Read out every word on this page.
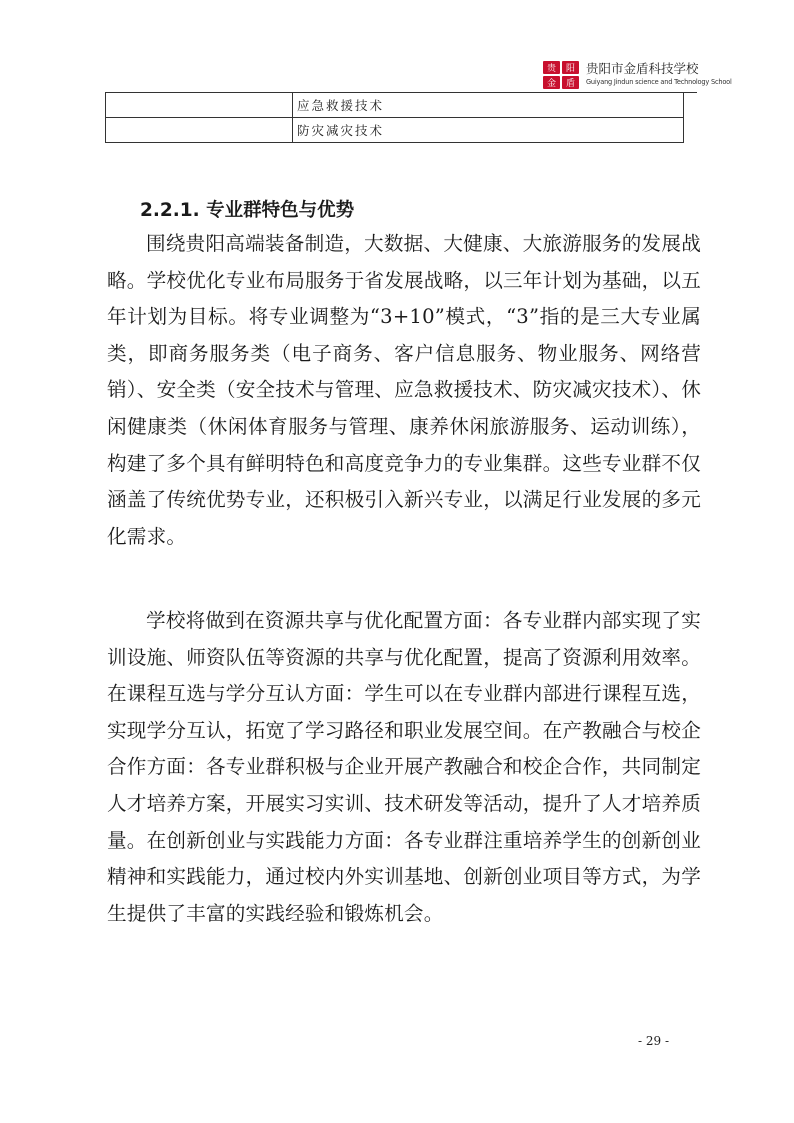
贵 阳
金 盾
贵阳市金盾科技学校
Guiyang Jindun science and Technology School
	应急救援技术
	防灾减灾技术
2.2.1. 专业群特色与优势

围绕贵阳高端装备制造，大数据、大健康、大旅游服务的发展战略。学校优化专业布局服务于省发展战略，以三年计划为基础，以五年计划为目标。将专业调整为“3+10”模式，“3”指的是三大专业属类，即商务服务类（电子商务、客户信息服务、物业服务、网络营销）、安全类（安全技术与管理、应急救援技术、防灾减灾技术）、休闲健康类（休闲体育服务与管理、康养休闲旅游服务、运动训练），构建了多个具有鲜明特色和高度竞争力的专业集群。这些专业群不仅涵盖了传统优势专业，还积极引入新兴专业，以满足行业发展的多元化需求。

学校将做到在资源共享与优化配置方面：各专业群内部实现了实训设施、师资队伍等资源的共享与优化配置，提高了资源利用效率。在课程互选与学分互认方面：学生可以在专业群内部进行课程互选，实现学分互认，拓宽了学习路径和职业发展空间。在产教融合与校企合作方面：各专业群积极与企业开展产教融合和校企合作，共同制定人才培养方案，开展实习实训、技术研发等活动，提升了人才培养质量。在创新创业与实践能力方面：各专业群注重培养学生的创新创业精神和实践能力，通过校内外实训基地、创新创业项目等方式，为学生提供了丰富的实践经验和锻炼机会。

- 29 -
